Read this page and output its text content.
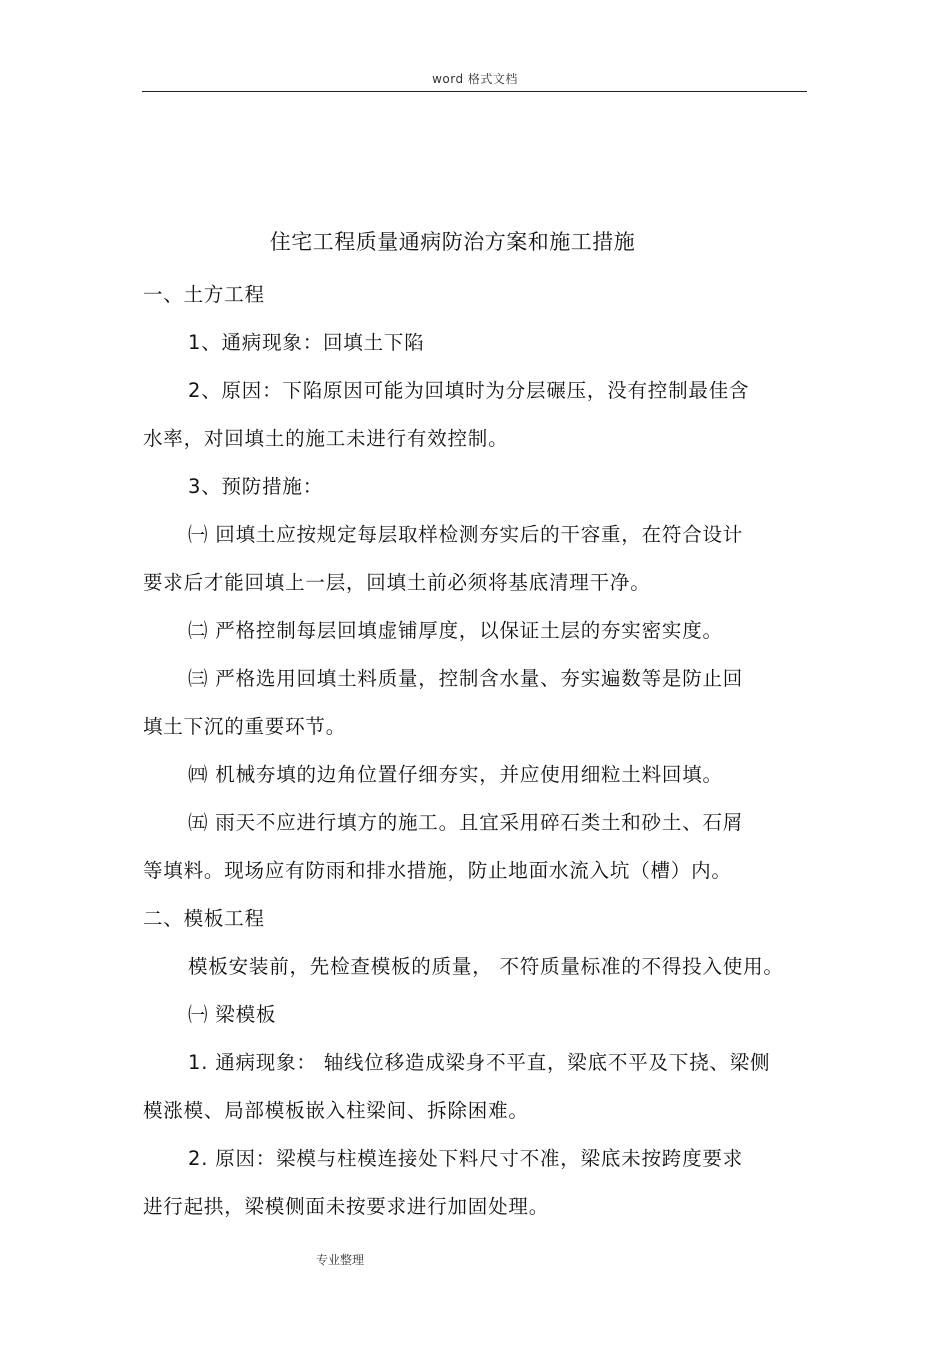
word 格式文档
住宅工程质量通病防治方案和施工措施
一、土方工程
1、通病现象：回填土下陷
2、原因：下陷原因可能为回填时为分层碾压，没有控制最佳含
水率，对回填土的施工未进行有效控制。
3、预防措施：
㈠ 回填土应按规定每层取样检测夯实后的干容重，在符合设计
要求后才能回填上一层，回填土前必须将基底清理干净。
㈡ 严格控制每层回填虚铺厚度，以保证土层的夯实密实度。
㈢ 严格选用回填土料质量，控制含水量、夯实遍数等是防止回
填土下沉的重要环节。
㈣ 机械夯填的边角位置仔细夯实，并应使用细粒土料回填。
㈤ 雨天不应进行填方的施工。且宜采用碎石类土和砂土、石屑
等填料。现场应有防雨和排水措施，防止地面水流入坑（槽）内。
二、模板工程
模板安装前，先检查模板的质量， 不符质量标准的不得投入使用。
㈠ 梁模板
1. 通病现象： 轴线位移造成梁身不平直，梁底不平及下挠、梁侧
模涨模、局部模板嵌入柱梁间、拆除困难。
2. 原因：梁模与柱模连接处下料尺寸不准，梁底未按跨度要求
进行起拱，梁模侧面未按要求进行加固处理。
专业整理
